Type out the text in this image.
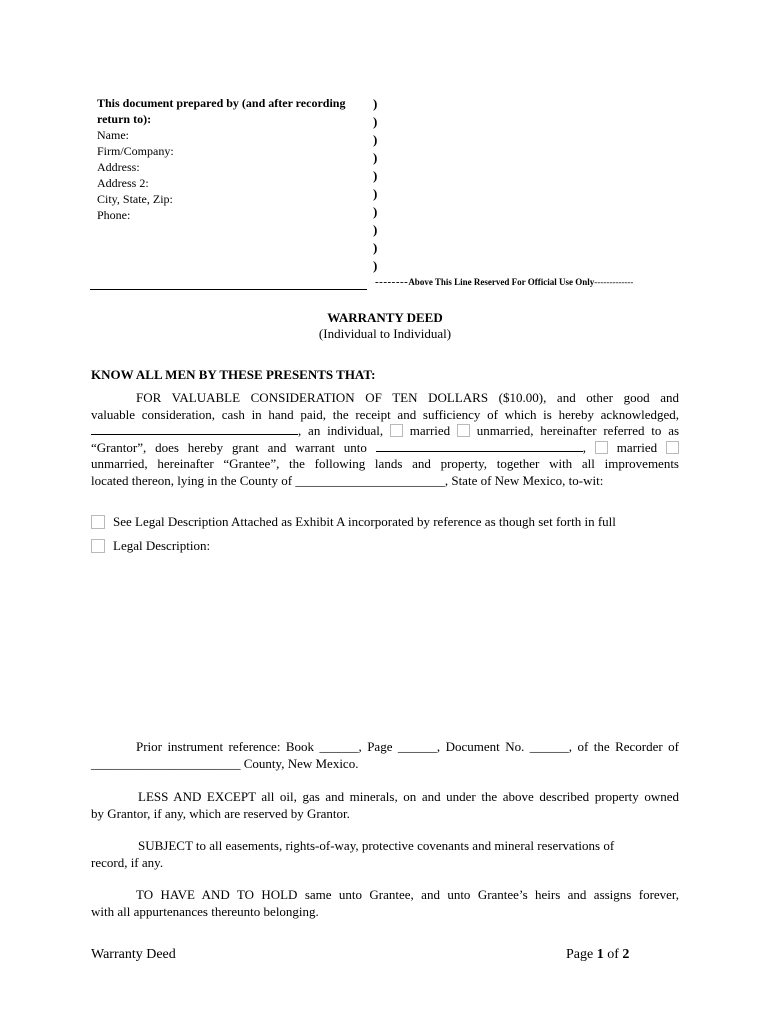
This document prepared by (and after recording return to):
Name:
Firm/Company:
Address:
Address 2:
City, State, Zip:
Phone:
)
)
)
)
)
)
)
)
)
)
--------Above This Line Reserved For Official Use Only-------------
WARRANTY DEED
(Individual to Individual)
KNOW ALL MEN BY THESE PRESENTS THAT:
FOR VALUABLE CONSIDERATION OF TEN DOLLARS ($10.00), and other good and
valuable consideration, cash in hand paid, the receipt and sufficiency of which is hereby acknowledged,
, an individual, married unmarried, hereinafter referred to as
“Grantor”, does hereby grant and warrant unto	, married
unmarried, hereinafter “Grantee”, the following lands and property, together with all improvements
located thereon, lying in the County of _______________________, State of New Mexico, to-wit:
See Legal Description Attached as Exhibit A incorporated by reference as though set forth in full
Legal Description:
Prior instrument reference: Book ______, Page ______, Document No. ______, of the Recorder of
_______________________ County, New Mexico.
LESS AND EXCEPT all oil, gas and minerals, on and under the above described property owned
by Grantor, if any, which are reserved by Grantor.
SUBJECT to all easements, rights-of-way, protective covenants and mineral reservations of
record, if any.
TO HAVE AND TO HOLD same unto Grantee, and unto Grantee’s heirs and assigns forever,
with all appurtenances thereunto belonging.
Warranty Deed	Page 1 of 2
